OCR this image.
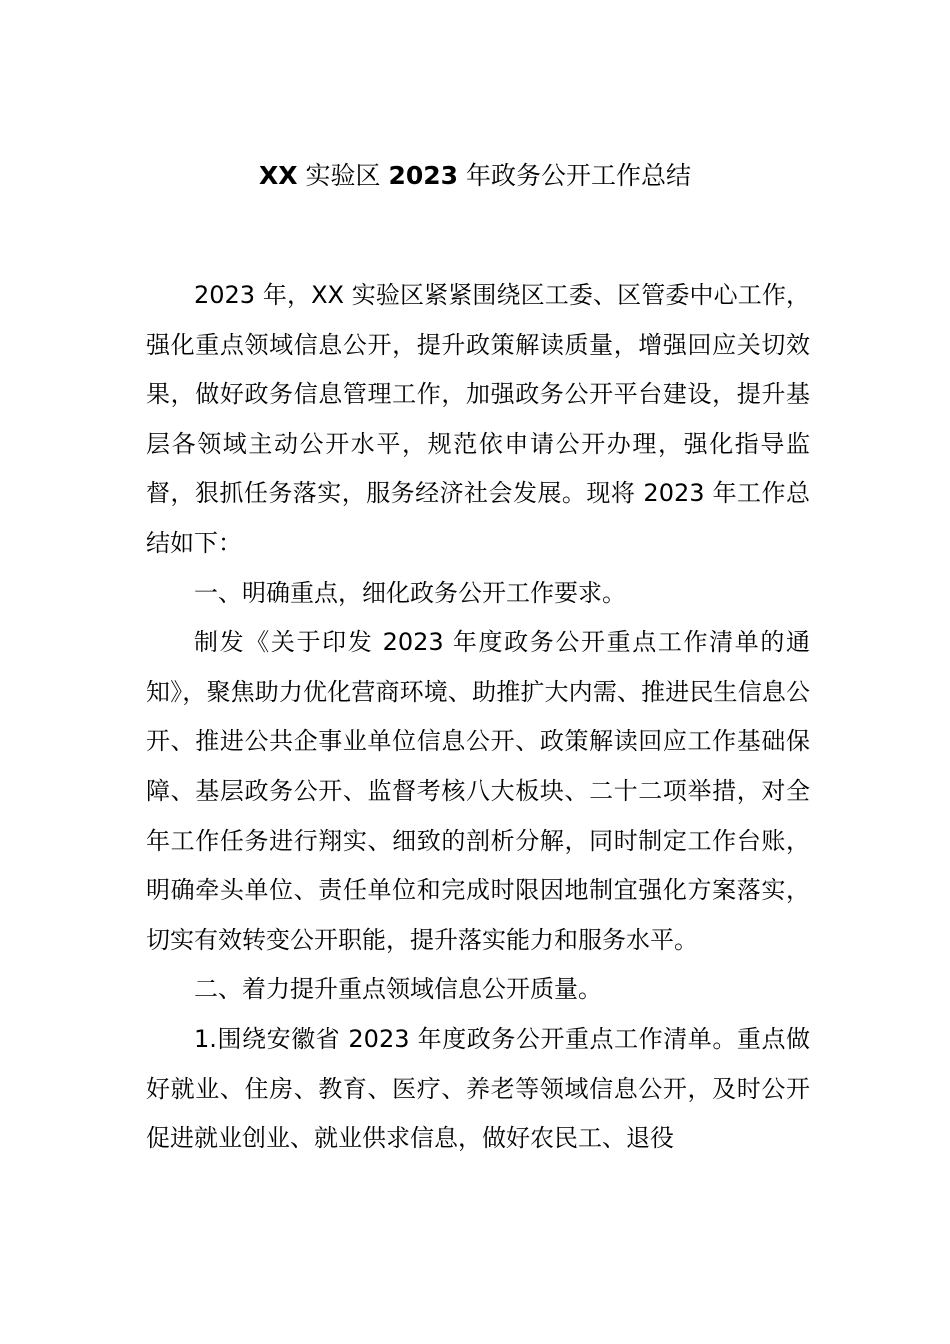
XX 实验区 2023 年政务公开工作总结

2023 年，XX 实验区紧紧围绕区工委、区管委中心工作，强化重点领域信息公开，提升政策解读质量，增强回应关切效果，做好政务信息管理工作，加强政务公开平台建设，提升基层各领域主动公开水平，规范依申请公开办理，强化指导监督，狠抓任务落实，服务经济社会发展。现将 2023 年工作总结如下：

一、明确重点，细化政务公开工作要求。

制发《关于印发 2023 年度政务公开重点工作清单的通知》，聚焦助力优化营商环境、助推扩大内需、推进民生信息公开、推进公共企事业单位信息公开、政策解读回应工作基础保障、基层政务公开、监督考核八大板块、二十二项举措，对全年工作任务进行翔实、细致的剖析分解，同时制定工作台账，明确牵头单位、责任单位和完成时限因地制宜强化方案落实，切实有效转变公开职能，提升落实能力和服务水平。

二、着力提升重点领域信息公开质量。

1.围绕安徽省 2023 年度政务公开重点工作清单。重点做好就业、住房、教育、医疗、养老等领域信息公开，及时公开促进就业创业、就业供求信息，做好农民工、退役
